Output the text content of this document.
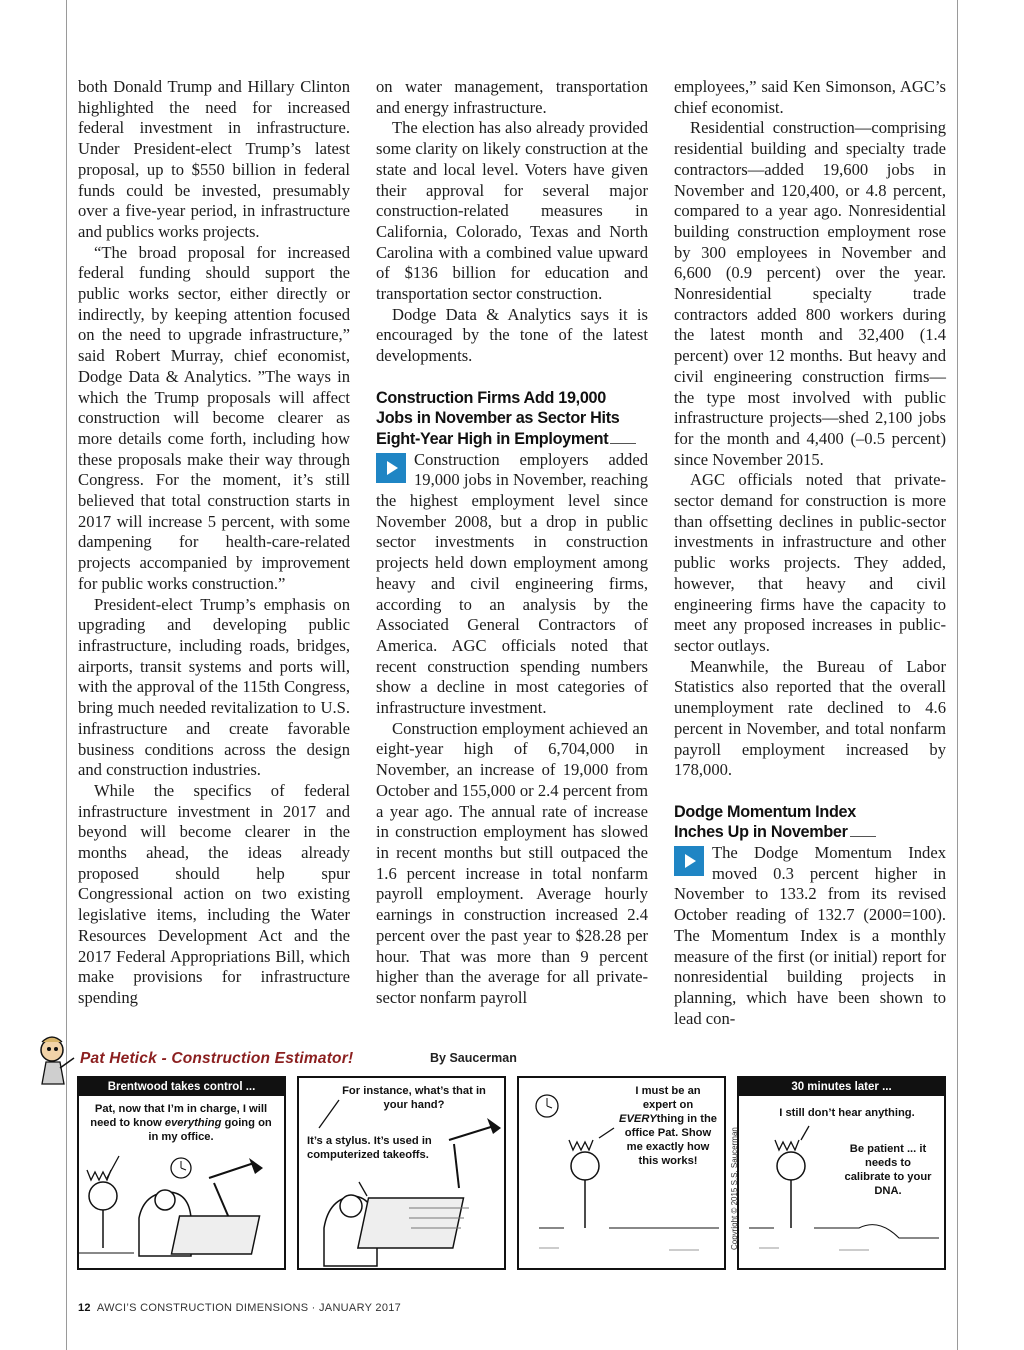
both Donald Trump and Hillary Clinton highlighted the need for increased federal investment in infrastructure. Under President-elect Trump’s latest proposal, up to $550 billion in federal funds could be invested, presumably over a five-year period, in infrastructure and publics works projects.

“The broad proposal for increased federal funding should support the public works sector, either directly or indirectly, by keeping attention focused on the need to upgrade infrastructure,” said Robert Murray, chief economist, Dodge Data & Analytics. ”The ways in which the Trump proposals will affect construction will become clearer as more details come forth, including how these proposals make their way through Congress. For the moment, it’s still believed that total construction starts in 2017 will increase 5 percent, with some dampening for health-care-related projects accompanied by improvement for public works construction.”

President-elect Trump’s emphasis on upgrading and developing public infrastructure, including roads, bridges, airports, transit systems and ports will, with the approval of the 115th Congress, bring much needed revitalization to U.S. infrastructure and create favorable business conditions across the design and construction industries.

While the specifics of federal infrastructure investment in 2017 and beyond will become clearer in the months ahead, the ideas already proposed should help spur Congressional action on two existing legislative items, including the Water Resources Development Act and the 2017 Federal Appropriations Bill, which make provisions for infrastructure spending

on water management, transportation and energy infrastructure.

The election has also already provided some clarity on likely construction at the state and local level. Voters have given their approval for several major construction-related measures in California, Colorado, Texas and North Carolina with a combined value upward of $136 billion for education and transportation sector construction.

Dodge Data & Analytics says it is encouraged by the tone of the latest developments.

Construction Firms Add 19,000
Jobs in November as Sector Hits
Eight-Year High in Employment

Construction employers added 19,000 jobs in November, reaching the highest employment level since November 2008, but a drop in public sector investments in construction projects held down employment among heavy and civil engineering firms, according to an analysis by the Associated General Contractors of America. AGC officials noted that recent construction spending numbers show a decline in most categories of infrastructure investment.

Construction employment achieved an eight-year high of 6,704,000 in November, an increase of 19,000 from October and 155,000 or 2.4 percent from a year ago. The annual rate of increase in construction employment has slowed in recent months but still outpaced the 1.6 percent increase in total nonfarm payroll employment. Average hourly earnings in construction increased 2.4 percent over the past year to $28.28 per hour. That was more than 9 percent higher than the average for all private-sector nonfarm payroll

employees,” said Ken Simonson, AGC’s chief economist.

Residential construction—comprising residential building and specialty trade contractors—added 19,600 jobs in November and 120,400, or 4.8 percent, compared to a year ago. Nonresidential building construction employment rose by 300 employees in November and 6,600 (0.9 percent) over the year. Nonresidential specialty trade contractors added 800 workers during the latest month and 32,400 (1.4 percent) over 12 months. But heavy and civil engineering construction firms—the type most involved with public infrastructure projects—shed 2,100 jobs for the month and 4,400 (–0.5 percent) since November 2015.

AGC officials noted that private-sector demand for construction is more than offsetting declines in public-sector investments in infrastructure and other public works projects. They added, however, that heavy and civil engineering firms have the capacity to meet any proposed increases in public-sector outlays.

Meanwhile, the Bureau of Labor Statistics also reported that the overall unemployment rate declined to 4.6 percent in November, and total nonfarm payroll employment increased by 178,000.

Dodge Momentum Index
Inches Up in November

The Dodge Momentum Index moved 0.3 percent higher in November to 133.2 from its revised October reading of 132.7 (2000=100). The Momentum Index is a monthly measure of the first (or initial) report for nonresidential building projects in planning, which have been shown to lead con-

Pat Hetick - Construction Estimator!	By Saucerman
Brentwood takes control ...
Pat, now that I’m in charge, I will need to know everything going on in my office.
For instance, what’s that in your hand?
It’s a stylus. It’s used in computerized takeoffs.
I must be an expert on EVERYthing in the office Pat. Show me exactly how this works!
30 minutes later ...
I still don’t hear anything.
Be patient ... it needs to calibrate to your DNA.
Copyright © 2015 S.S. Saucerman
12 AWCI’S CONSTRUCTION DIMENSIONS · JANUARY 2017
